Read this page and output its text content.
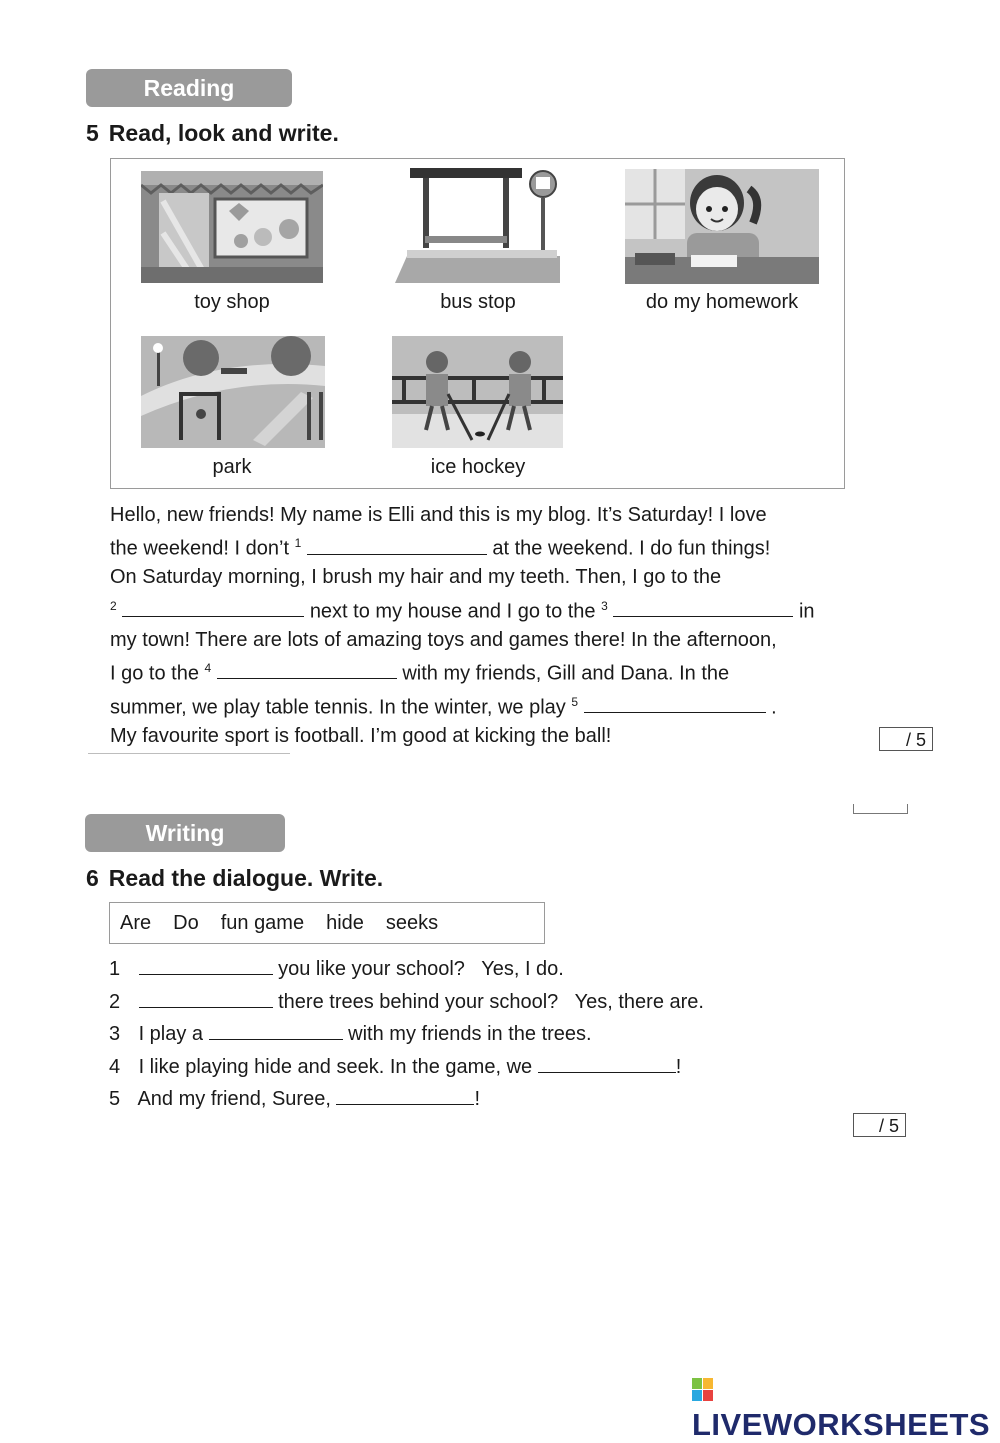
Reading
5 Read, look and write.
toy shop	bus stop	do my homework
park	ice hockey
Hello, new friends! My name is Elli and this is my blog. It’s Saturday! I love
the weekend! I don’t $^1$	at the weekend. I do fun things!
On Saturday morning, I brush my hair and my teeth. Then, I go to the
$^2$	next to my house and I go to the $^3$	in
my town! There are lots of amazing toys and games there! In the afternoon,
I go to the $^4$	with my friends, Gill and Dana. In the
summer, we play table tennis. In the winter, we play $^5$	.
My favourite sport is football. I’m good at kicking the ball!	/ 5
Writing
6 Read the dialogue. Write.
Are Do fun game hide seeks
1	you like your school?   Yes, I do.
2	there trees behind your school?   Yes, there are.
3 I play a	with my friends in the trees.
4 I like playing hide and seek. In the game, we	!
5 And my friend, Suree,	!
/ 5
LIVEWORKSHEETS
